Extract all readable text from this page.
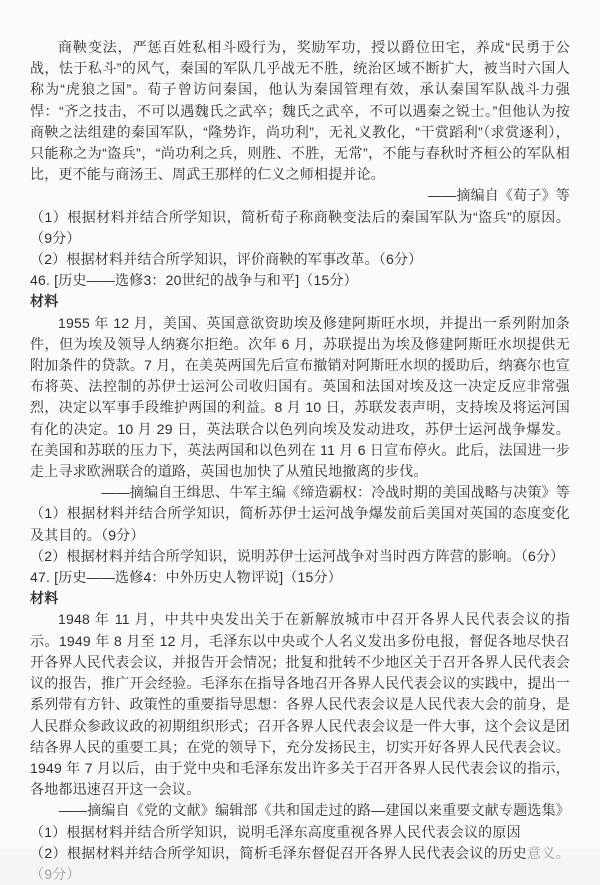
商鞅变法，严惩百姓私相斗殴行为，奖励军功，授以爵位田宅，养成“民勇于公战，怯于私斗”的风气，秦国的军队几乎战无不胜，统治区域不断扩大，被当时六国人称为“虎狼之国”。荀子曾访问秦国，他认为秦国管理有效，承认秦国军队战斗力强悍：“齐之技击，不可以遇魏氏之武卒；魏氏之武卒，不可以遇秦之锐士。”但他认为按商鞅之法组建的秦国军队，“隆势诈，尚功利”，无礼义教化，“干赏蹈利”（求赏逐利），只能称之为“盗兵”，“尚功利之兵，则胜、不胜，无常”，不能与春秋时齐桓公的军队相比，更不能与商汤王、周武王那样的仁义之师相提并论。

——摘编自《荀子》等

（1）根据材料并结合所学知识，简析荀子称商鞅变法后的秦国军队为“盗兵”的原因。（9分）

（2）根据材料并结合所学知识，评价商鞅的军事改革。（6分）

46. [历史——选修3：20世纪的战争与和平]（15分）

材料

1955 年 12 月，美国、英国意欲资助埃及修建阿斯旺水坝，并提出一系列附加条件，但为埃及领导人纳赛尔拒绝。次年 6 月，苏联提出为埃及修建阿斯旺水坝提供无附加条件的贷款。7 月，在美英两国先后宣布撤销对阿斯旺水坝的援助后，纳赛尔也宣布将英、法控制的苏伊士运河公司收归国有。英国和法国对埃及这一决定反应非常强烈，决定以军事手段维护两国的利益。8 月 10 日，苏联发表声明，支持埃及将运河国有化的决定。10 月 29 日，英法联合以色列向埃及发动进攻，苏伊士运河战争爆发。在美国和苏联的压力下，英法两国和以色列在 11 月 6 日宣布停火。此后，法国进一步走上寻求欧洲联合的道路，英国也加快了从殖民地撤离的步伐。

——摘编自王缉思、牛军主编《缔造霸权：冷战时期的美国战略与决策》等

（1）根据材料并结合所学知识，简析苏伊士运河战争爆发前后美国对英国的态度变化及其目的。（9分）

（2）根据材料并结合所学知识，说明苏伊士运河战争对当时西方阵营的影响。（6分）

47. [历史——选修4：中外历史人物评说]（15分）

材料

1948 年 11 月，中共中央发出关于在新解放城市中召开各界人民代表会议的指示。1949 年 8 月至 12 月，毛泽东以中央或个人名义发出多份电报，督促各地尽快召开各界人民代表会议，并报告开会情况；批复和批转不少地区关于召开各界人民代表会议的报告，推广开会经验。毛泽东在指导各地召开各界人民代表会议的实践中，提出一系列带有方针、政策性的重要指导思想：各界人民代表会议是人民代表大会的前身，是人民群众参政议政的初期组织形式；召开各界人民代表会议是一件大事，这个会议是团结各界人民的重要工具；在党的领导下，充分发扬民主，切实开好各界人民代表会议。1949 年 7 月以后，由于党中央和毛泽东发出许多关于召开各界人民代表会议的指示，各地都迅速召开这一会议。

——摘编自《党的文献》编辑部《共和国走过的路—建国以来重要文献专题选集》

（1）根据材料并结合所学知识，说明毛泽东高度重视各界人民代表会议的原因

（2）根据材料并结合所学知识，简析毛泽东督促召开各界人民代表会议的历史意义。（9分）
